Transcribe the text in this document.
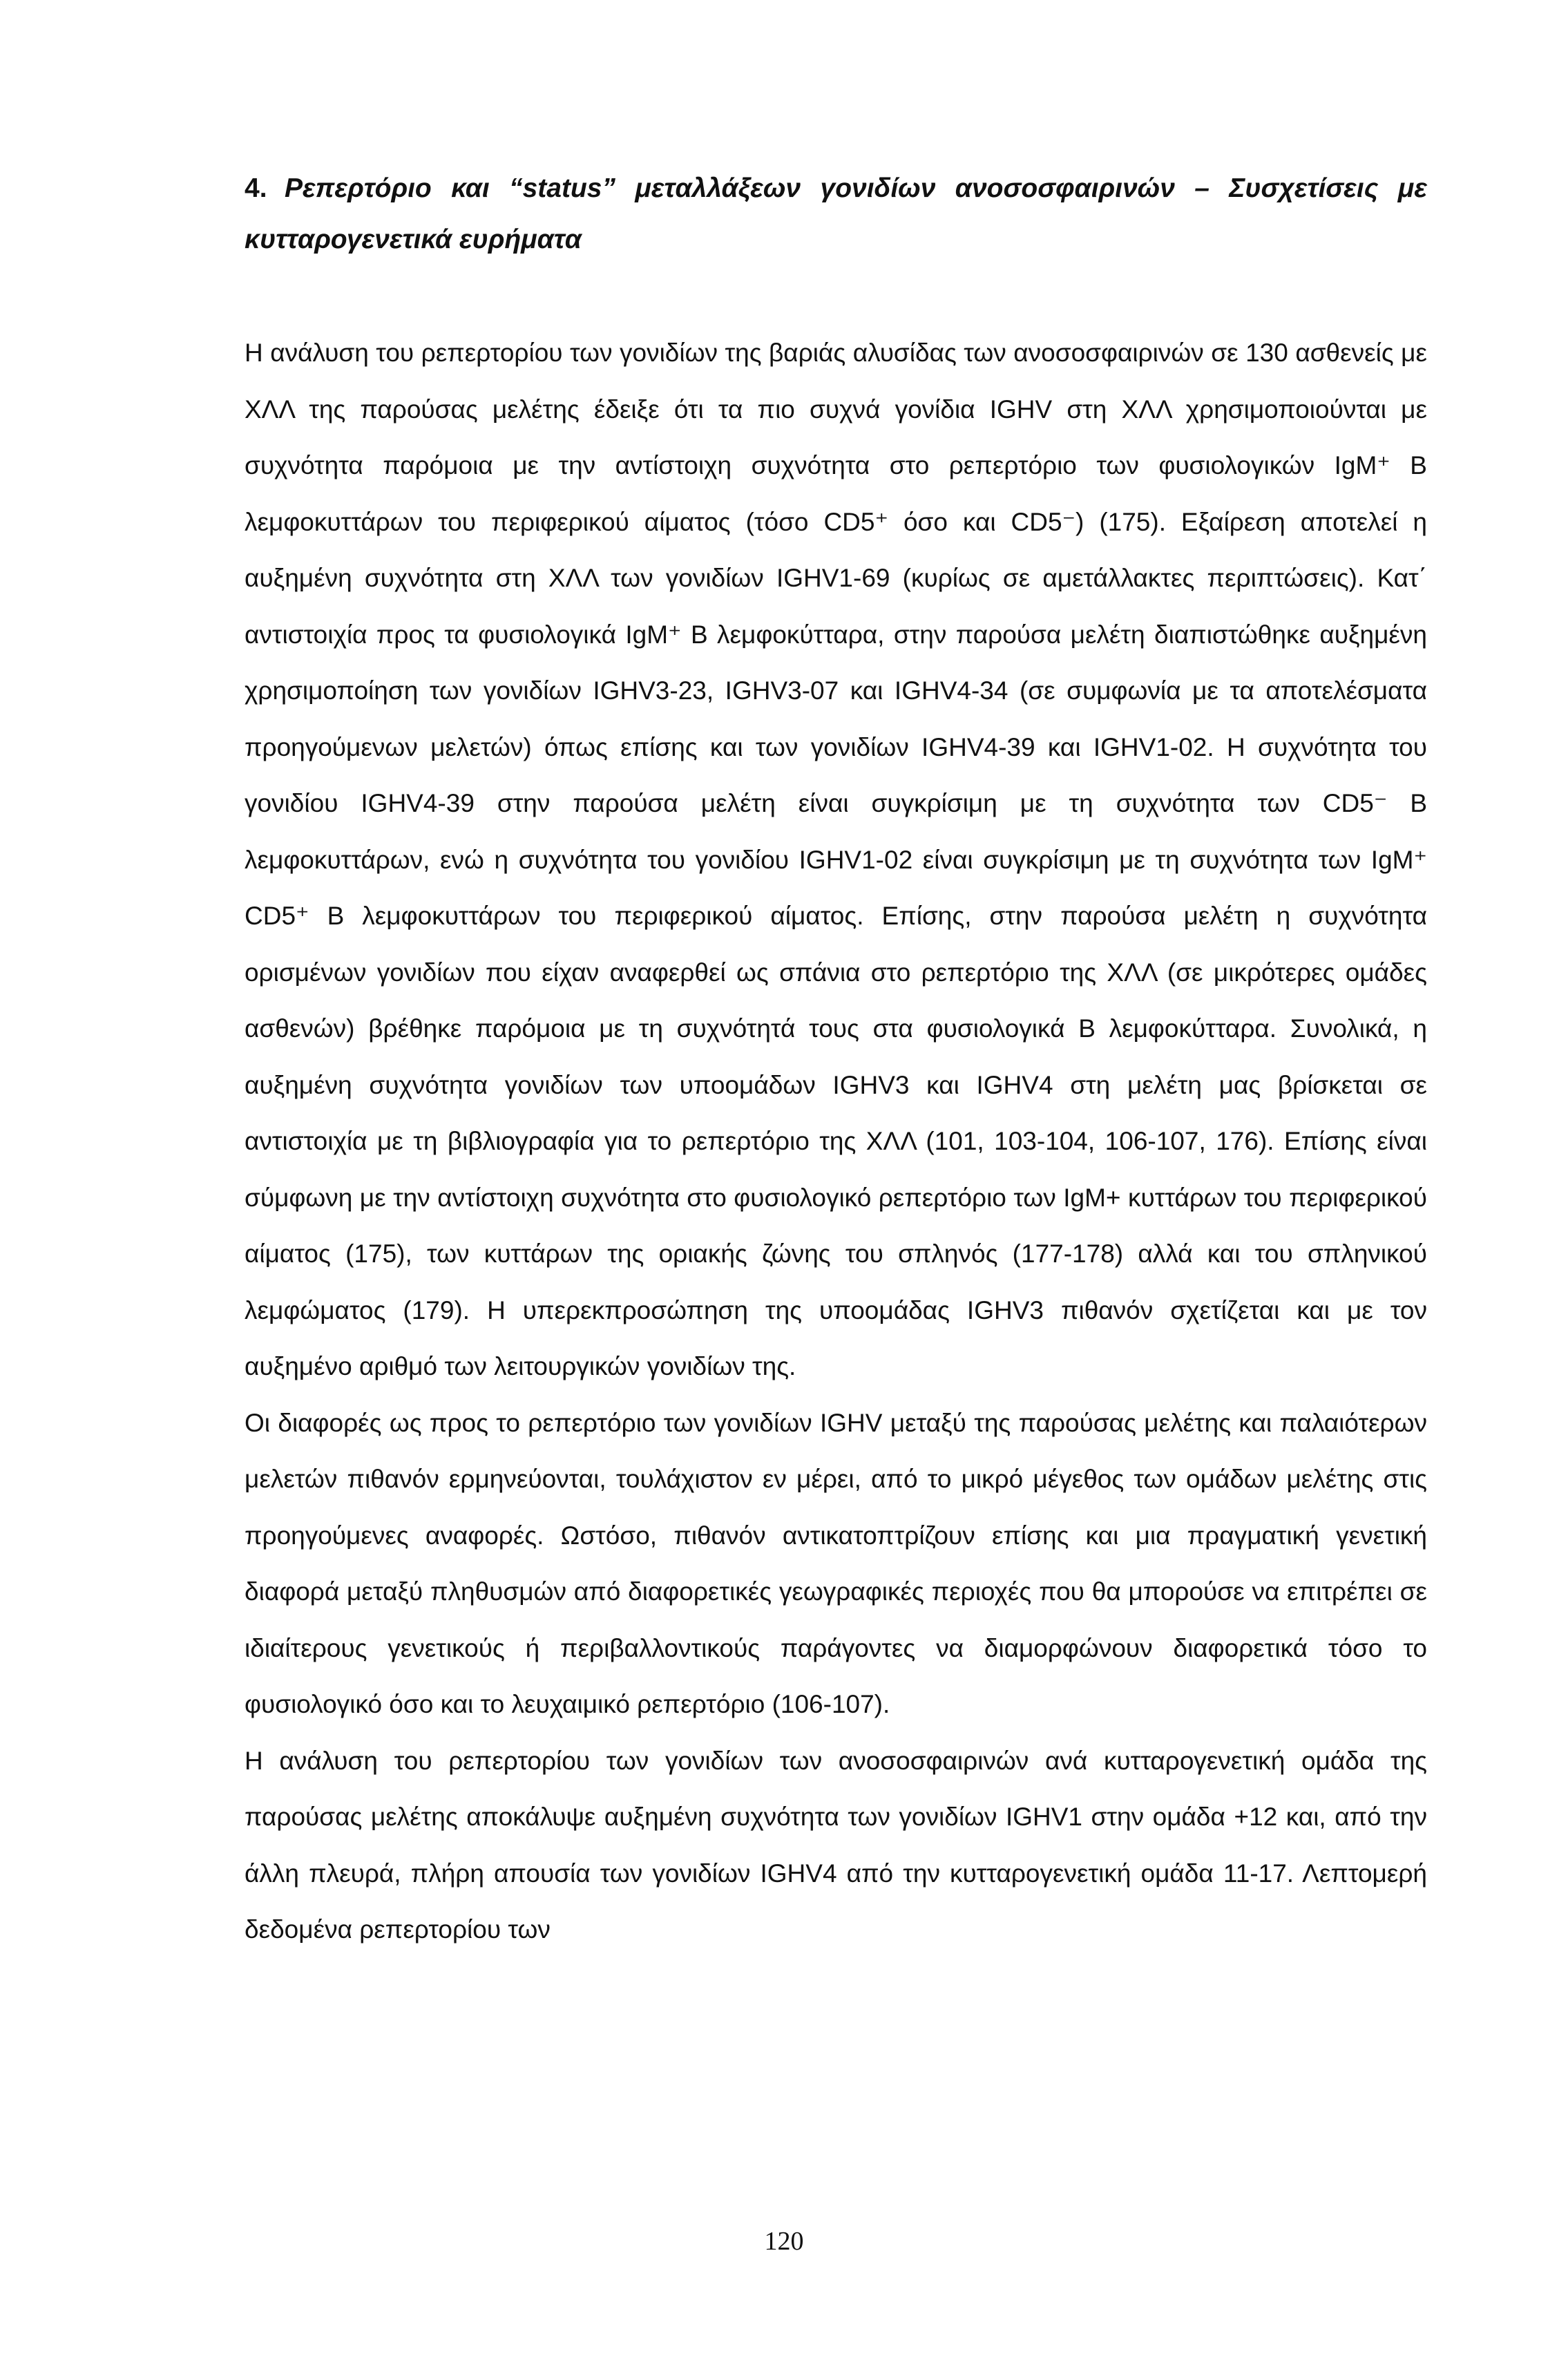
4. Ρεπερτόριο και “status” μεταλλάξεων γονιδίων ανοσοσφαιρινών – Συσχετίσεις με κυτταρογενετικά ευρήματα

Η ανάλυση του ρεπερτορίου των γονιδίων της βαριάς αλυσίδας των ανοσοσφαιρινών σε 130 ασθενείς με ΧΛΛ της παρούσας μελέτης έδειξε ότι τα πιο συχνά γονίδια IGHV στη ΧΛΛ χρησιμοποιούνται με συχνότητα παρόμοια με την αντίστοιχη συχνότητα στο ρεπερτόριο των φυσιολογικών IgM⁺ B λεμφοκυττάρων του περιφερικού αίματος (τόσο CD5⁺ όσο και CD5⁻) (175). Εξαίρεση αποτελεί η αυξημένη συχνότητα στη ΧΛΛ των γονιδίων IGHV1-69 (κυρίως σε αμετάλλακτες περιπτώσεις). Κατ΄ αντιστοιχία προς τα φυσιολογικά IgM⁺ B λεμφοκύτταρα, στην παρούσα μελέτη διαπιστώθηκε αυξημένη χρησιμοποίηση των γονιδίων IGHV3-23, IGHV3-07 και IGHV4-34 (σε συμφωνία με τα αποτελέσματα προηγούμενων μελετών) όπως επίσης και των γονιδίων IGHV4-39 και IGHV1-02. Η συχνότητα του γονιδίου IGHV4-39 στην παρούσα μελέτη είναι συγκρίσιμη με τη συχνότητα των CD5⁻ B λεμφοκυττάρων, ενώ η συχνότητα του γονιδίου IGHV1-02 είναι συγκρίσιμη με τη συχνότητα των IgM⁺ CD5⁺ B λεμφοκυττάρων του περιφερικού αίματος. Επίσης, στην παρούσα μελέτη η συχνότητα ορισμένων γονιδίων που είχαν αναφερθεί ως σπάνια στο ρεπερτόριο της ΧΛΛ (σε μικρότερες ομάδες ασθενών) βρέθηκε παρόμοια με τη συχνότητά τους στα φυσιολογικά B λεμφοκύτταρα. Συνολικά, η αυξημένη συχνότητα γονιδίων των υποομάδων IGHV3 και IGHV4 στη μελέτη μας βρίσκεται σε αντιστοιχία με τη βιβλιογραφία για το ρεπερτόριο της ΧΛΛ (101, 103-104, 106-107, 176). Επίσης είναι σύμφωνη με την αντίστοιχη συχνότητα στο φυσιολογικό ρεπερτόριο των IgM+ κυττάρων του περιφερικού αίματος (175), των κυττάρων της οριακής ζώνης του σπληνός (177-178) αλλά και του σπληνικού λεμφώματος (179). Η υπερεκπροσώπηση της υποομάδας IGHV3 πιθανόν σχετίζεται και με τον αυξημένο αριθμό των λειτουργικών γονιδίων της.

Οι διαφορές ως προς το ρεπερτόριο των γονιδίων IGHV μεταξύ της παρούσας μελέτης και παλαιότερων μελετών πιθανόν ερμηνεύονται, τουλάχιστον εν μέρει, από το μικρό μέγεθος των ομάδων μελέτης στις προηγούμενες αναφορές. Ωστόσο, πιθανόν αντικατοπτρίζουν επίσης και μια πραγματική γενετική διαφορά μεταξύ πληθυσμών από διαφορετικές γεωγραφικές περιοχές που θα μπορούσε να επιτρέπει σε ιδιαίτερους γενετικούς ή περιβαλλοντικούς παράγοντες να διαμορφώνουν διαφορετικά τόσο το φυσιολογικό όσο και το λευχαιμικό ρεπερτόριο (106-107).

Η ανάλυση του ρεπερτορίου των γονιδίων των ανοσοσφαιρινών ανά κυτταρογενετική ομάδα της παρούσας μελέτης αποκάλυψε αυξημένη συχνότητα των γονιδίων IGHV1 στην ομάδα +12 και, από την άλλη πλευρά, πλήρη απουσία των γονιδίων IGHV4 από την κυτταρογενετική ομάδα 11-17. Λεπτομερή δεδομένα ρεπερτορίου των

120
